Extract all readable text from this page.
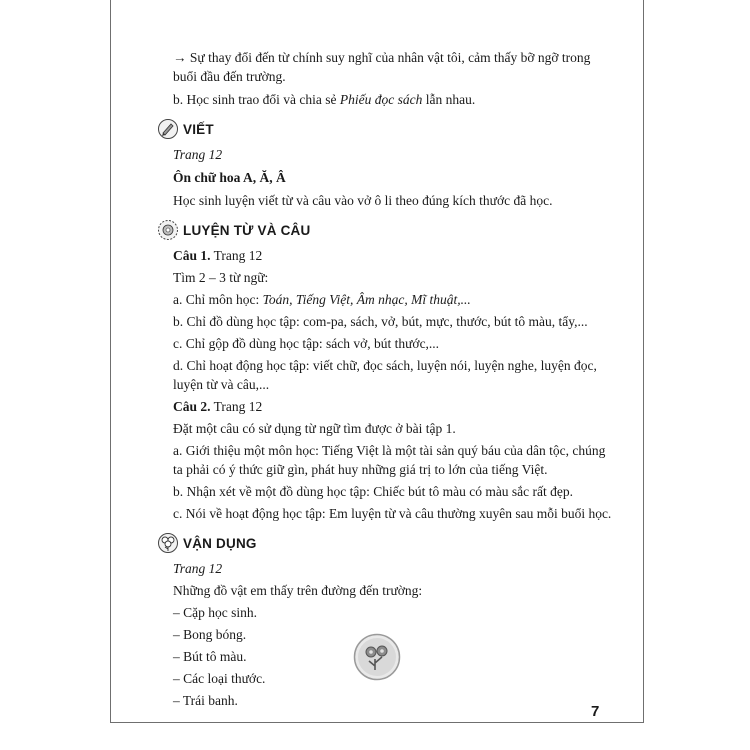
→ Sự thay đổi đến từ chính suy nghĩ của nhân vật tôi, cảm thấy bỡ ngỡ trong buổi đầu đến trường.

b. Học sinh trao đổi và chia sẻ Phiếu đọc sách lẫn nhau.

VIẾT

Trang 12

Ôn chữ hoa A, Ă, Â

Học sinh luyện viết từ và câu vào vở ô li theo đúng kích thước đã học.

LUYỆN TỪ VÀ CÂU

Câu 1. Trang 12

Tìm 2 – 3 từ ngữ:

a. Chỉ môn học: Toán, Tiếng Việt, Âm nhạc, Mĩ thuật,...

b. Chỉ đồ dùng học tập: com-pa, sách, vở, bút, mực, thước, bút tô màu, tẩy,...

c. Chỉ gộp đồ dùng học tập: sách vở, bút thước,...

d. Chỉ hoạt động học tập: viết chữ, đọc sách, luyện nói, luyện nghe, luyện đọc, luyện từ và câu,...

Câu 2. Trang 12

Đặt một câu có sử dụng từ ngữ tìm được ở bài tập 1.

a. Giới thiệu một môn học: Tiếng Việt là một tài sản quý báu của dân tộc, chúng ta phải có ý thức giữ gìn, phát huy những giá trị to lớn của tiếng Việt.

b. Nhận xét về một đồ dùng học tập: Chiếc bút tô màu có màu sắc rất đẹp.

c. Nói về hoạt động học tập: Em luyện từ và câu thường xuyên sau mỗi buổi học.

VẬN DỤNG

Trang 12

Những đồ vật em thấy trên đường đến trường:

– Cặp học sinh.

– Bong bóng.

– Bút tô màu.

– Các loại thước.

– Trái banh.

7
